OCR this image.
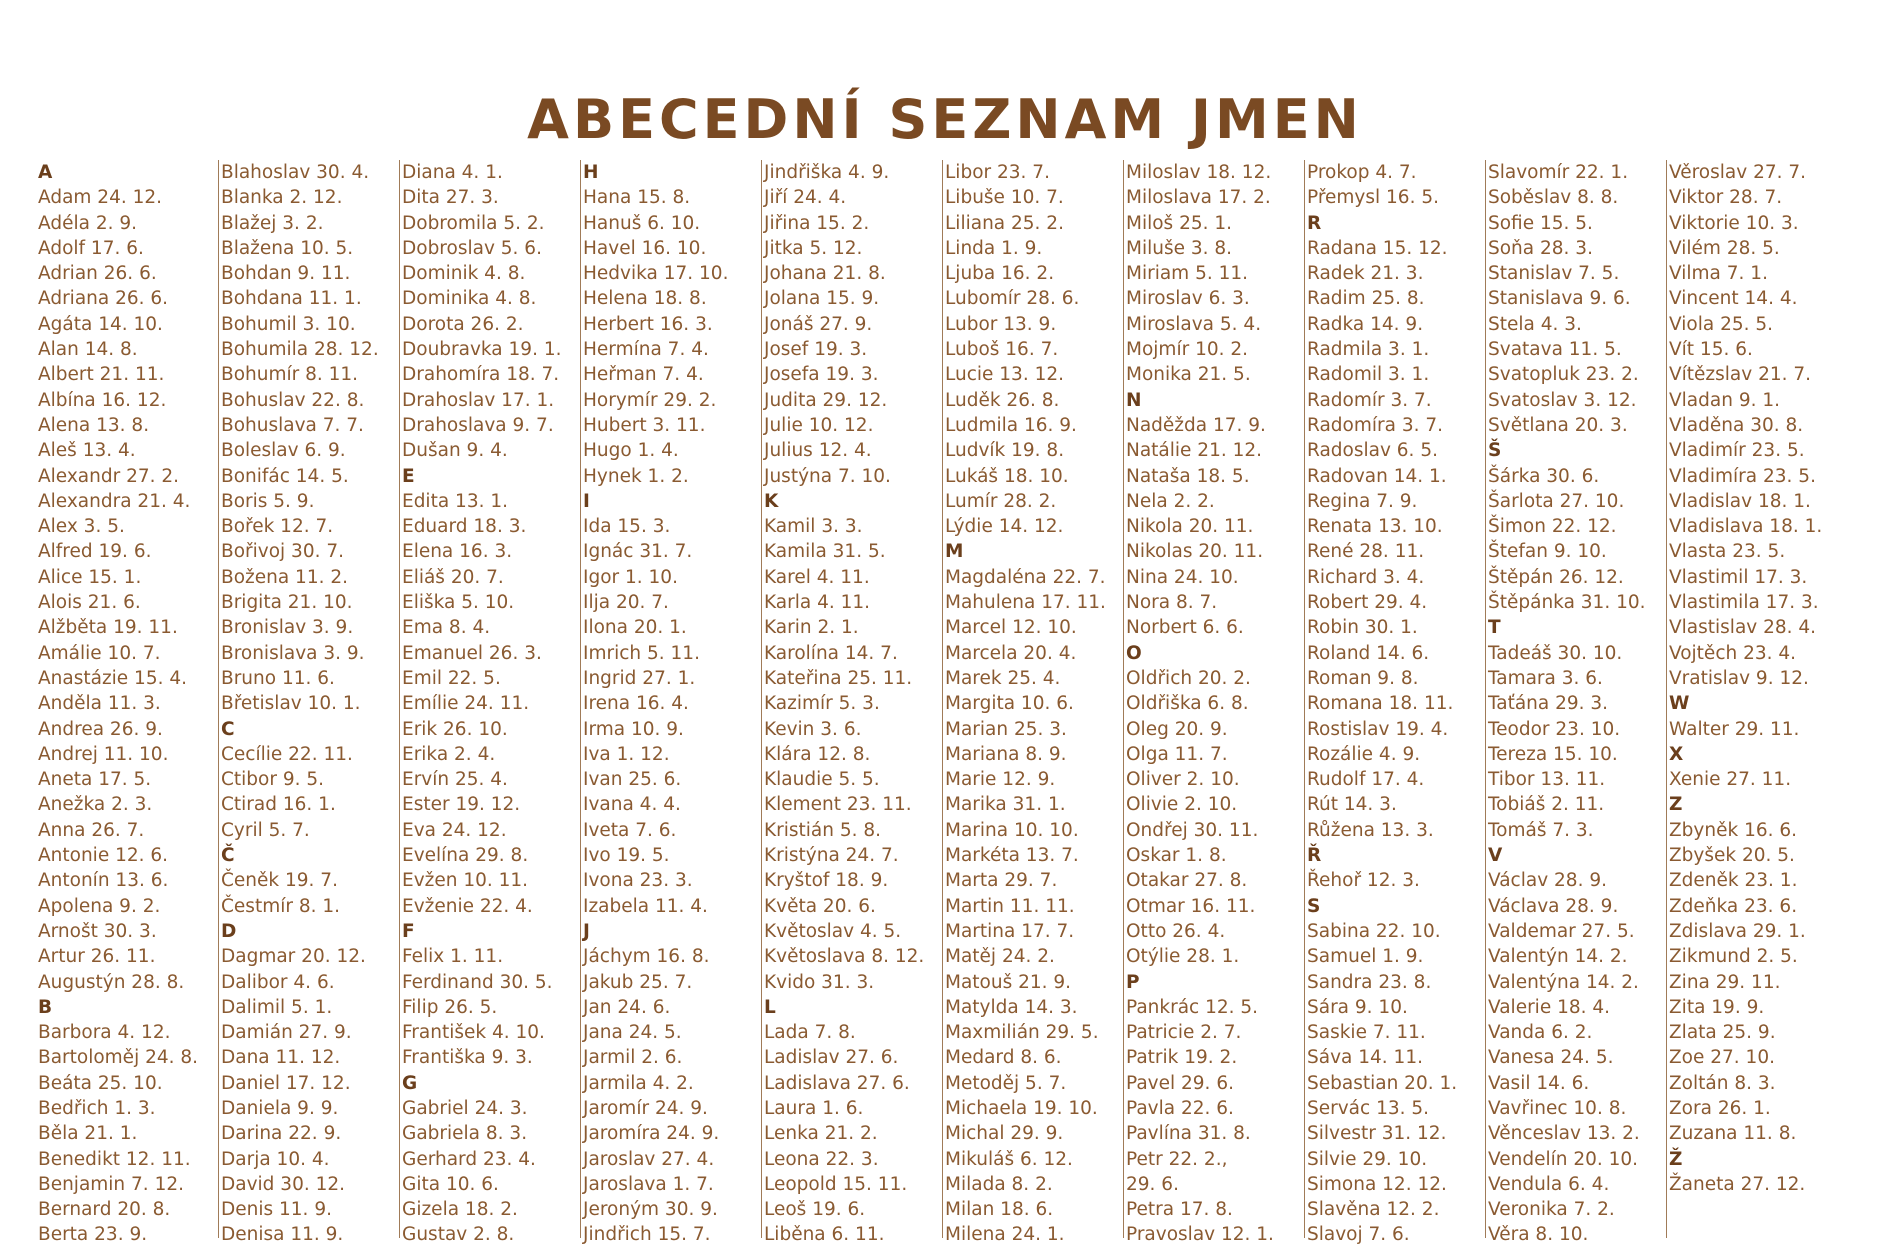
ABECEDNÍ SEZNAM JMEN
A
Adam 24. 12.
Adéla 2. 9.
Adolf 17. 6.
Adrian 26. 6.
Adriana 26. 6.
Agáta 14. 10.
Alan 14. 8.
Albert 21. 11.
Albína 16. 12.
Alena 13. 8.
Aleš 13. 4.
Alexandr 27. 2.
Alexandra 21. 4.
Alex 3. 5.
Alfred 19. 6.
Alice 15. 1.
Alois 21. 6.
Alžběta 19. 11.
Amálie 10. 7.
Anastázie 15. 4.
Anděla 11. 3.
Andrea 26. 9.
Andrej 11. 10.
Aneta 17. 5.
Anežka 2. 3.
Anna 26. 7.
Antonie 12. 6.
Antonín 13. 6.
Apolena 9. 2.
Arnošt 30. 3.
Artur 26. 11.
Augustýn 28. 8.
B
Barbora 4. 12.
Bartoloměj 24. 8.
Beáta 25. 10.
Bedřich 1. 3.
Běla 21. 1.
Benedikt 12. 11.
Benjamin 7. 12.
Bernard 20. 8.
Berta 23. 9.
Blahoslav 30. 4.
Blanka 2. 12.
Blažej 3. 2.
Blažena 10. 5.
Bohdan 9. 11.
Bohdana 11. 1.
Bohumil 3. 10.
Bohumila 28. 12.
Bohumír 8. 11.
Bohuslav 22. 8.
Bohuslava 7. 7.
Boleslav 6. 9.
Bonifác 14. 5.
Boris 5. 9.
Bořek 12. 7.
Bořivoj 30. 7.
Božena 11. 2.
Brigita 21. 10.
Bronislav 3. 9.
Bronislava 3. 9.
Bruno 11. 6.
Břetislav 10. 1.
C
Cecílie 22. 11.
Ctibor 9. 5.
Ctirad 16. 1.
Cyril 5. 7.
Č
Čeněk 19. 7.
Čestmír 8. 1.
D
Dagmar 20. 12.
Dalibor 4. 6.
Dalimil 5. 1.
Damián 27. 9.
Dana 11. 12.
Daniel 17. 12.
Daniela 9. 9.
Darina 22. 9.
Darja 10. 4.
David 30. 12.
Denis 11. 9.
Denisa 11. 9.
Diana 4. 1.
Dita 27. 3.
Dobromila 5. 2.
Dobroslav 5. 6.
Dominik 4. 8.
Dominika 4. 8.
Dorota 26. 2.
Doubravka 19. 1.
Drahomíra 18. 7.
Drahoslav 17. 1.
Drahoslava 9. 7.
Dušan 9. 4.
E
Edita 13. 1.
Eduard 18. 3.
Elena 16. 3.
Eliáš 20. 7.
Eliška 5. 10.
Ema 8. 4.
Emanuel 26. 3.
Emil 22. 5.
Emílie 24. 11.
Erik 26. 10.
Erika 2. 4.
Ervín 25. 4.
Ester 19. 12.
Eva 24. 12.
Evelína 29. 8.
Evžen 10. 11.
Evženie 22. 4.
F
Felix 1. 11.
Ferdinand 30. 5.
Filip 26. 5.
František 4. 10.
Františka 9. 3.
G
Gabriel 24. 3.
Gabriela 8. 3.
Gerhard 23. 4.
Gita 10. 6.
Gizela 18. 2.
Gustav 2. 8.
H
Hana 15. 8.
Hanuš 6. 10.
Havel 16. 10.
Hedvika 17. 10.
Helena 18. 8.
Herbert 16. 3.
Hermína 7. 4.
Heřman 7. 4.
Horymír 29. 2.
Hubert 3. 11.
Hugo 1. 4.
Hynek 1. 2.
I
Ida 15. 3.
Ignác 31. 7.
Igor 1. 10.
Ilja 20. 7.
Ilona 20. 1.
Imrich 5. 11.
Ingrid 27. 1.
Irena 16. 4.
Irma 10. 9.
Iva 1. 12.
Ivan 25. 6.
Ivana 4. 4.
Iveta 7. 6.
Ivo 19. 5.
Ivona 23. 3.
Izabela 11. 4.
J
Jáchym 16. 8.
Jakub 25. 7.
Jan 24. 6.
Jana 24. 5.
Jarmil 2. 6.
Jarmila 4. 2.
Jaromír 24. 9.
Jaromíra 24. 9.
Jaroslav 27. 4.
Jaroslava 1. 7.
Jeroným 30. 9.
Jindřich 15. 7.
Jindřiška 4. 9.
Jiří 24. 4.
Jiřina 15. 2.
Jitka 5. 12.
Johana 21. 8.
Jolana 15. 9.
Jonáš 27. 9.
Josef 19. 3.
Josefa 19. 3.
Judita 29. 12.
Julie 10. 12.
Julius 12. 4.
Justýna 7. 10.
K
Kamil 3. 3.
Kamila 31. 5.
Karel 4. 11.
Karla 4. 11.
Karin 2. 1.
Karolína 14. 7.
Kateřina 25. 11.
Kazimír 5. 3.
Kevin 3. 6.
Klára 12. 8.
Klaudie 5. 5.
Klement 23. 11.
Kristián 5. 8.
Kristýna 24. 7.
Kryštof 18. 9.
Květa 20. 6.
Květoslav 4. 5.
Květoslava 8. 12.
Kvido 31. 3.
L
Lada 7. 8.
Ladislav 27. 6.
Ladislava 27. 6.
Laura 1. 6.
Lenka 21. 2.
Leona 22. 3.
Leopold 15. 11.
Leoš 19. 6.
Liběna 6. 11.
Libor 23. 7.
Libuše 10. 7.
Liliana 25. 2.
Linda 1. 9.
Ljuba 16. 2.
Lubomír 28. 6.
Lubor 13. 9.
Luboš 16. 7.
Lucie 13. 12.
Luděk 26. 8.
Ludmila 16. 9.
Ludvík 19. 8.
Lukáš 18. 10.
Lumír 28. 2.
Lýdie 14. 12.
M
Magdaléna 22. 7.
Mahulena 17. 11.
Marcel 12. 10.
Marcela 20. 4.
Marek 25. 4.
Margita 10. 6.
Marian 25. 3.
Mariana 8. 9.
Marie 12. 9.
Marika 31. 1.
Marina 10. 10.
Markéta 13. 7.
Marta 29. 7.
Martin 11. 11.
Martina 17. 7.
Matěj 24. 2.
Matouš 21. 9.
Matylda 14. 3.
Maxmilián 29. 5.
Medard 8. 6.
Metoděj 5. 7.
Michaela 19. 10.
Michal 29. 9.
Mikuláš 6. 12.
Milada 8. 2.
Milan 18. 6.
Milena 24. 1.
Miloslav 18. 12.
Miloslava 17. 2.
Miloš 25. 1.
Miluše 3. 8.
Miriam 5. 11.
Miroslav 6. 3.
Miroslava 5. 4.
Mojmír 10. 2.
Monika 21. 5.
N
Naděžda 17. 9.
Natálie 21. 12.
Nataša 18. 5.
Nela 2. 2.
Nikola 20. 11.
Nikolas 20. 11.
Nina 24. 10.
Nora 8. 7.
Norbert 6. 6.
O
Oldřich 20. 2.
Oldřiška 6. 8.
Oleg 20. 9.
Olga 11. 7.
Oliver 2. 10.
Olivie 2. 10.
Ondřej 30. 11.
Oskar 1. 8.
Otakar 27. 8.
Otmar 16. 11.
Otto 26. 4.
Otýlie 28. 1.
P
Pankrác 12. 5.
Patricie 2. 7.
Patrik 19. 2.
Pavel 29. 6.
Pavla 22. 6.
Pavlína 31. 8.
Petr 22. 2.,
29. 6.
Petra 17. 8.
Pravoslav 12. 1.
Prokop 4. 7.
Přemysl 16. 5.
R
Radana 15. 12.
Radek 21. 3.
Radim 25. 8.
Radka 14. 9.
Radmila 3. 1.
Radomil 3. 1.
Radomír 3. 7.
Radomíra 3. 7.
Radoslav 6. 5.
Radovan 14. 1.
Regina 7. 9.
Renata 13. 10.
René 28. 11.
Richard 3. 4.
Robert 29. 4.
Robin 30. 1.
Roland 14. 6.
Roman 9. 8.
Romana 18. 11.
Rostislav 19. 4.
Rozálie 4. 9.
Rudolf 17. 4.
Rút 14. 3.
Růžena 13. 3.
Ř
Řehoř 12. 3.
S
Sabina 22. 10.
Samuel 1. 9.
Sandra 23. 8.
Sára 9. 10.
Saskie 7. 11.
Sáva 14. 11.
Sebastian 20. 1.
Servác 13. 5.
Silvestr 31. 12.
Silvie 29. 10.
Simona 12. 12.
Slavěna 12. 2.
Slavoj 7. 6.
Slavomír 22. 1.
Soběslav 8. 8.
Sofie 15. 5.
Soňa 28. 3.
Stanislav 7. 5.
Stanislava 9. 6.
Stela 4. 3.
Svatava 11. 5.
Svatopluk 23. 2.
Svatoslav 3. 12.
Světlana 20. 3.
Š
Šárka 30. 6.
Šarlota 27. 10.
Šimon 22. 12.
Štefan 9. 10.
Štěpán 26. 12.
Štěpánka 31. 10.
T
Tadeáš 30. 10.
Tamara 3. 6.
Taťána 29. 3.
Teodor 23. 10.
Tereza 15. 10.
Tibor 13. 11.
Tobiáš 2. 11.
Tomáš 7. 3.
V
Václav 28. 9.
Václava 28. 9.
Valdemar 27. 5.
Valentýn 14. 2.
Valentýna 14. 2.
Valerie 18. 4.
Vanda 6. 2.
Vanesa 24. 5.
Vasil 14. 6.
Vavřinec 10. 8.
Věnceslav 13. 2.
Vendelín 20. 10.
Vendula 6. 4.
Veronika 7. 2.
Věra 8. 10.
Věroslav 27. 7.
Viktor 28. 7.
Viktorie 10. 3.
Vilém 28. 5.
Vilma 7. 1.
Vincent 14. 4.
Viola 25. 5.
Vít 15. 6.
Vítězslav 21. 7.
Vladan 9. 1.
Vladěna 30. 8.
Vladimír 23. 5.
Vladimíra 23. 5.
Vladislav 18. 1.
Vladislava 18. 1.
Vlasta 23. 5.
Vlastimil 17. 3.
Vlastimila 17. 3.
Vlastislav 28. 4.
Vojtěch 23. 4.
Vratislav 9. 12.
W
Walter 29. 11.
X
Xenie 27. 11.
Z
Zbyněk 16. 6.
Zbyšek 20. 5.
Zdeněk 23. 1.
Zdeňka 23. 6.
Zdislava 29. 1.
Zikmund 2. 5.
Zina 29. 11.
Zita 19. 9.
Zlata 25. 9.
Zoe 27. 10.
Zoltán 8. 3.
Zora 26. 1.
Zuzana 11. 8.
Ž
Žaneta 27. 12.
